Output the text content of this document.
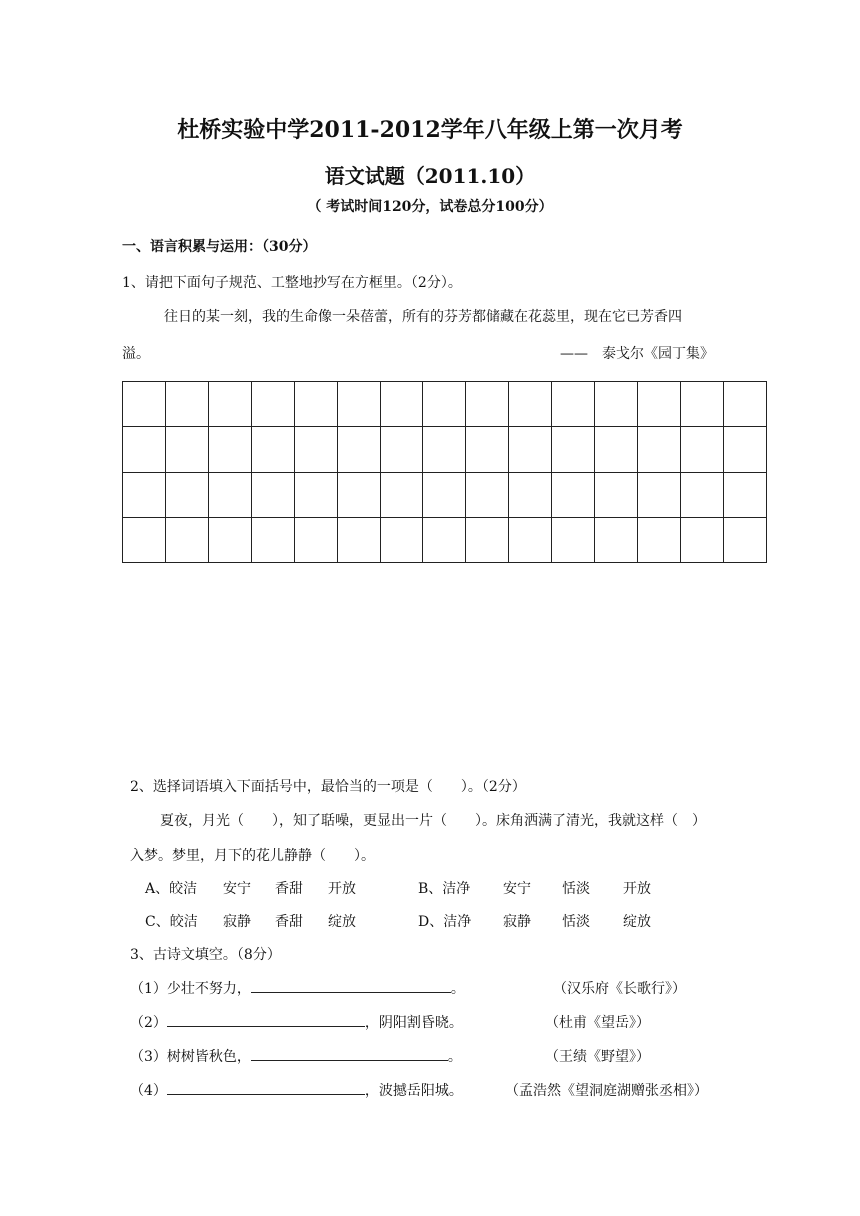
杜桥实验中学2011-2012学年八年级上第一次月考
语文试题（2011.10）
（ 考试时间120分，试卷总分100分）
一、语言积累与运用：（30分）
1、请把下面句子规范、工整地抄写在方框里。（2分）。
往日的某一刻，我的生命像一朵蓓蕾，所有的芬芳都储藏在花蕊里，现在它已芳香四
溢。	——　泰戈尔《园丁集》

2、选择词语填入下面括号中，最恰当的一项是（　　）。（2分）
夏夜，月光（　　），知了聒噪，更显出一片（　　）。床角洒满了清光，我就这样（　）
入梦。梦里，月下的花儿静静（　　）。
A、皎洁 安宁 香甜 开放	B、洁净 安宁 恬淡 开放
C、皎洁 寂静 香甜 绽放	D、洁净 寂静 恬淡 绽放
3、古诗文填空。（8分）
（1）少壮不努力，	。	（汉乐府《长歌行》）
（2）	，阴阳割昏晓。	（杜甫《望岳》）
（3）树树皆秋色，	。	（王绩《野望》）
（4）	，波撼岳阳城。	（孟浩然《望洞庭湖赠张丞相》）
